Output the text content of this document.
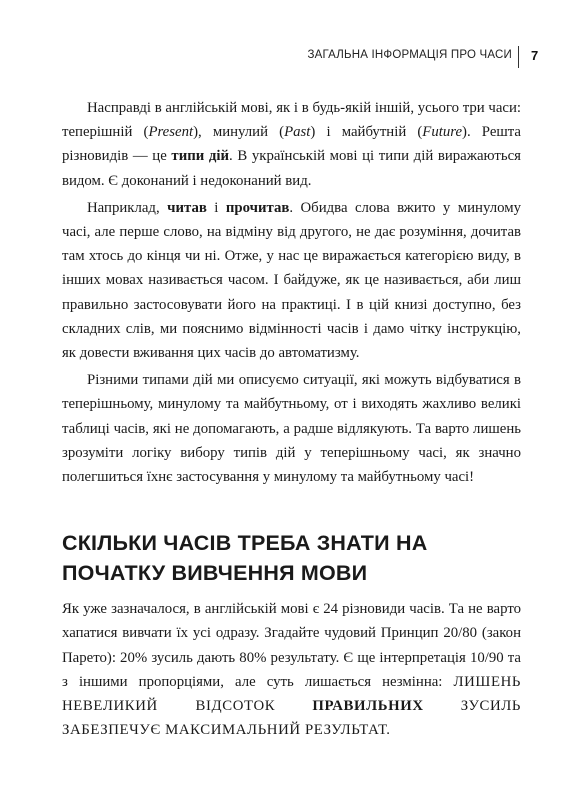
ЗАГАЛЬНА ІНФОРМАЦІЯ ПРО ЧАСИ 7

Насправді в англійській мові, як і в будь-якій іншій, усього три часи: теперішній (Present), минулий (Past) і майбутній (Future). Решта різновидів — це типи дій. В українській мові ці типи дій виражаються видом. Є доконаний і недоконаний вид.

Наприклад, читав і прочитав. Обидва слова вжито у минулому часі, але перше слово, на відміну від другого, не дає розуміння, дочитав там хтось до кінця чи ні. Отже, у нас це виражається категорією виду, в інших мовах називається часом. І байдуже, як це називається, аби лиш правильно застосовувати його на практиці. І в цій книзі доступно, без складних слів, ми пояснимо відмінності часів і дамо чітку інструкцію, як довести вживання цих часів до автоматизму.

Різними типами дій ми описуємо ситуації, які можуть відбуватися в теперішньому, минулому та майбутньому, от і виходять жахливо великі таблиці часів, які не допомагають, а радше відлякують. Та варто лишень зрозуміти логіку вибору типів дій у теперішньому часі, як значно полегшиться їхнє застосування у минулому та майбутньому часі!

СКІЛЬКИ ЧАСІВ ТРЕБА ЗНАТИ НА ПОЧАТКУ ВИВЧЕННЯ МОВИ

Як уже зазначалося, в англійській мові є 24 різновиди часів. Та не варто хапатися вивчати їх усі одразу. Згадайте чудовий Принцип 20/80 (закон Парето): 20% зусиль дають 80% результату. Є ще інтерпретація 10/90 та з іншими пропорціями, але суть лишається незмінна: ЛИШЕНЬ НЕВЕЛИКИЙ ВІДСОТОК	ПРАВИЛЬНИХ	ЗУСИЛЬ ЗАБЕЗПЕЧУЄ МАКСИМАЛЬНИЙ РЕЗУЛЬТАТ.
